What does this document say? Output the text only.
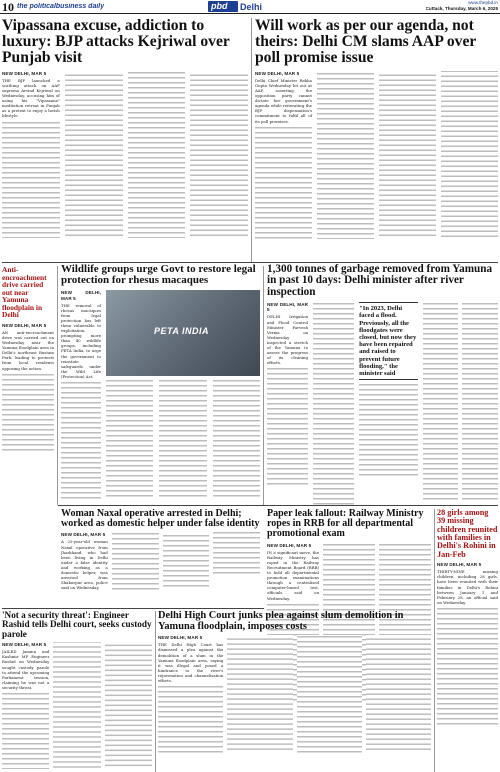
10 the politicalbusiness daily	pbd Delhi	www.thepbd.in
Cuttack, Thursday, March 6, 2025
Vipassana excuse, addiction to luxury: BJP attacks Kejriwal over Punjab visit
NEW DELHI, MAR 5
THE BJP launched a scathing attack on AAP supremo Arvind Kejriwal on Wednesday, accusing him of using his "Vipassana" meditation retreat in Punjab as a pretext to enjoy a lavish lifestyle.
Will work as per our agenda, not theirs: Delhi CM slams AAP over poll promise issue
NEW DELHI, MAR 5
Delhi Chief Minister Rekha Gupta Wednesday hit out at AAP, asserting the opposition party cannot dictate her government's agenda while reiterating the BJP dispensation's commitment to fulfil all of its poll promises.
Anti-encroachment drive carried out near Yamuna floodplain in Delhi
NEW DELHI, MAR 5
AN anti-encroachment drive was carried out on Wednesday near the Yamuna floodplain area in Delhi's northeast Rustam Park, leading to protests from local residents opposing the action.
Wildlife groups urge Govt to restore legal protection for rhesus macaques
NEW DELHI, MAR 5
THE removal of rhesus macaques from legal protection has left them vulnerable to exploitation, prompting more than 40 wildlife groups, including PETA India, to urge the government to reinstate safeguards under the Wild Life (Protection) Act.
PETA INDIA
1,300 tonnes of garbage removed from Yamuna in past 10 days: Delhi minister after river inspection
NEW DELHI, MAR 5
DELHI Irrigation and Flood Control Minister Parvesh Verma on Wednesday inspected a stretch of the Yamuna to assess the progress of its cleaning efforts.
"In 2023, Delhi faced a flood. Previously, all the floodgates were closed, but now they have been repaired and raised to prevent future flooding," the minister said
Woman Naxal operative arrested in Delhi; worked as domestic helper under false identity
NEW DELHI, MAR 5
A 25-year-old woman Naxal operative from Jharkhand, who had been living in Delhi under a false identity and working as a domestic helper, was arrested from Shakurpur area, police said on Wednesday.
Paper leak fallout: Railway Ministry ropes in RRB for all departmental promotional exam
NEW DELHI, MAR 5
IN a significant move, the Railway Ministry has roped in the Railway Recruitment Board (RRB) to hold all departmental promotion examinations through a centralised computer-based test, officials said on Wednesday.
28 girls among 39 missing children reunited with families in Delhi's Rohini in Jan-Feb
NEW DELHI, MAR 5
THIRTY-NINE missing children, including 28 girls, have been reunited with their families in Delhi's Rohini between January 1 and February 28, an official said on Wednesday.
'Not a security threat': Engineer Rashid tells Delhi court, seeks custody parole
NEW DELHI, MAR 5
JAILED Jammu and Kashmir MP Engineer Rashid on Wednesday sought custody parole to attend the upcoming Parliament session, claiming he was not a security threat.
Delhi High Court junks plea against slum demolition in Yamuna floodplain, imposes costs
NEW DELHI, MAR 5
THE Delhi High Court has dismissed a plea against the demolition of a slum in the Yamuna floodplain area, saying it was illegal and posed a hindrance to the river's rejuvenation and channelisation efforts.
